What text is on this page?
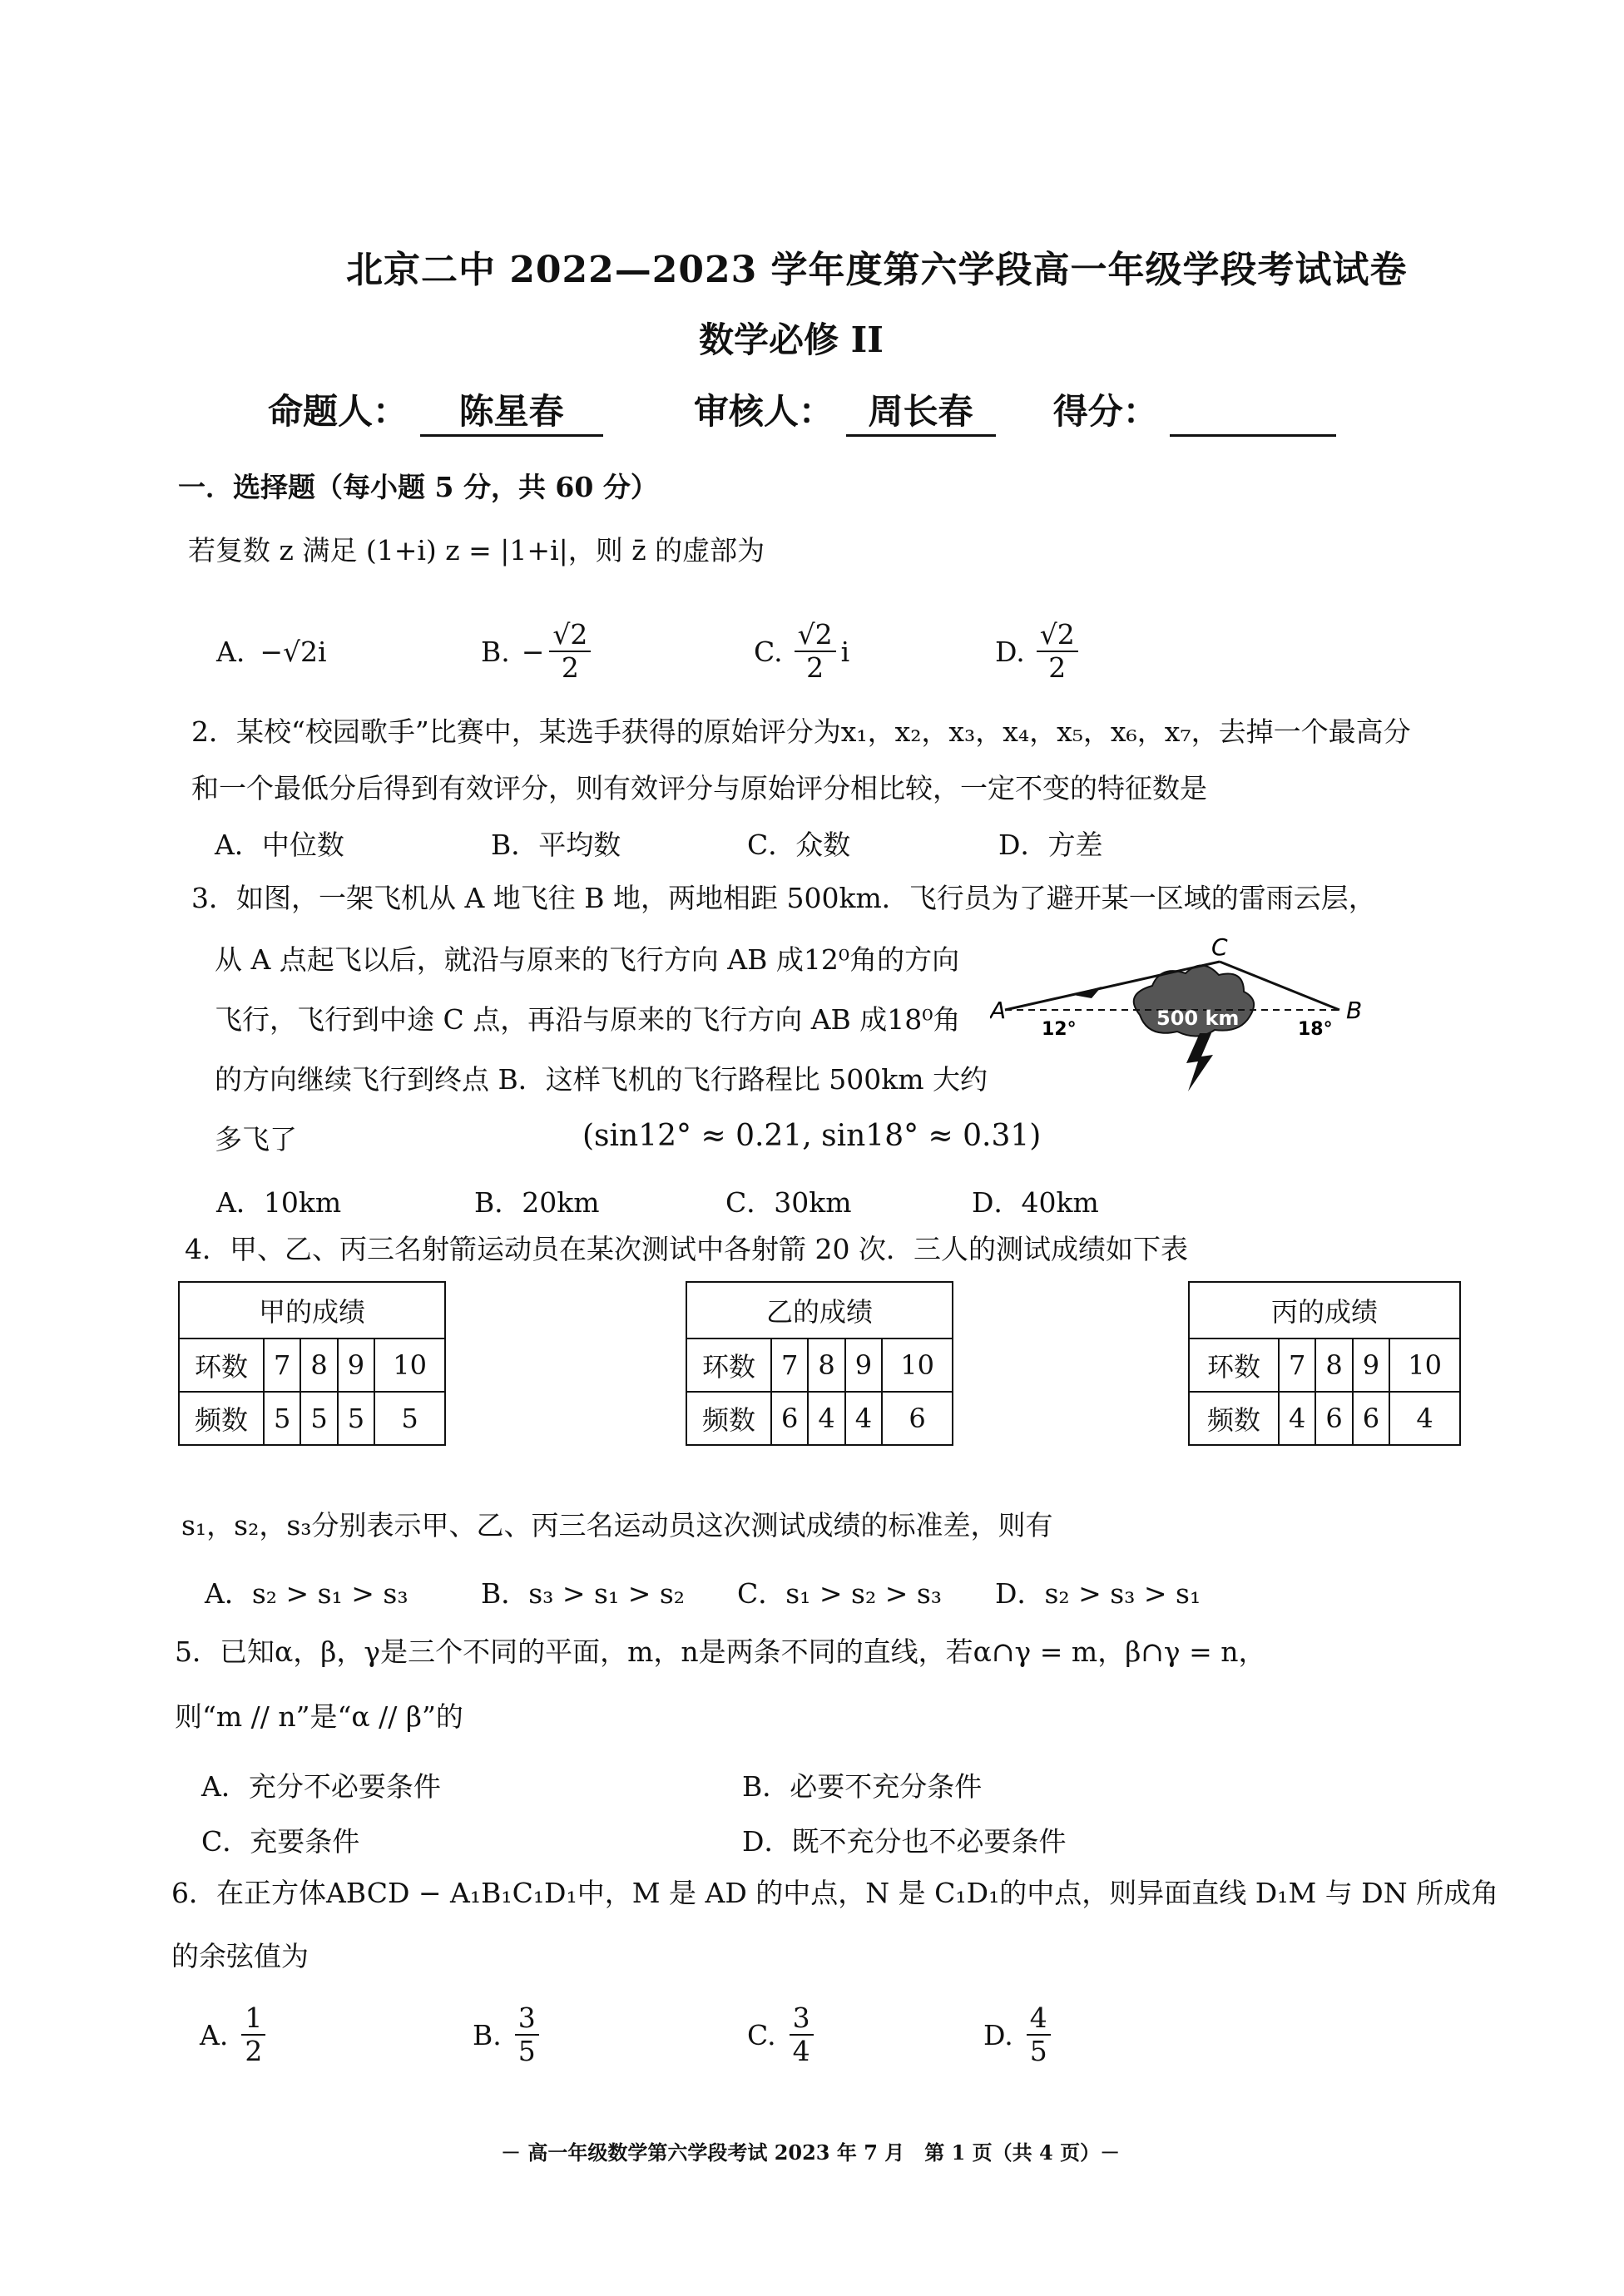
北京二中 2022—2023 学年度第六学段高一年级学段考试试卷
数学必修 II
命题人： 陈星春	审核人： 周长春 得分：
一．选择题（每小题 5 分，共 60 分）
若复数 z 满足 (1+i) z = |1+i|，则 z̄ 的虚部为
A. −√2i	B. − $\frac{√2}{2}$	C. $\frac{√2}{2}$ i	D. $\frac{√2}{2}$
2．某校“校园歌手”比赛中，某选手获得的原始评分为x₁，x₂，x₃，x₄，x₅，x₆，x₇，去掉一个最高分
和一个最低分后得到有效评分，则有效评分与原始评分相比较，一定不变的特征数是
A．中位数	B．平均数	C．众数	D．方差
3．如图，一架飞机从 A 地飞往 B 地，两地相距 500km．飞行员为了避开某一区域的雷雨云层，
从 A 点起飞以后，就沿与原来的飞行方向 AB 成12⁰角的方向
飞行，飞行到中途 C 点，再沿与原来的飞行方向 AB 成18⁰角
的方向继续飞行到终点 B．这样飞机的飞行路程比 500km 大约
多飞了	(sin12° ≈ 0.21, sin18° ≈ 0.31)
A	B
C
12°	18°
500 km
A．10km	B．20km	C．30km	D．40km
4．甲、乙、丙三名射箭运动员在某次测试中各射箭 20 次．三人的测试成绩如下表
甲的成绩				
环数	7	8	9	10
频数	5	5	5	5
乙的成绩				
环数	7	8	9	10
频数	6	4	4	6
丙的成绩				
环数	7	8	9	10
频数	4	6	6	4
s₁，s₂，s₃分别表示甲、乙、丙三名运动员这次测试成绩的标准差，则有
A．s₂ > s₁ > s₃	B．s₃ > s₁ > s₂ C．s₁ > s₂ > s₃ D．s₂ > s₃ > s₁
5．已知α，β，γ是三个不同的平面，m，n是两条不同的直线，若α∩γ = m，β∩γ = n，
则“m // n”是“α // β”的
A．充分不必要条件	B．必要不充分条件
C．充要条件	D．既不充分也不必要条件
6．在正方体ABCD − A₁B₁C₁D₁中，M 是 AD 的中点，N 是 C₁D₁的中点，则异面直线 D₁M 与 DN 所成角
的余弦值为
A. $\frac{1}{2}$	B. $\frac{3}{5}$	C. $\frac{3}{4}$	D. $\frac{4}{5}$
－ 高一年级数学第六学段考试 2023 年 7 月　第 1 页（共 4 页）－
